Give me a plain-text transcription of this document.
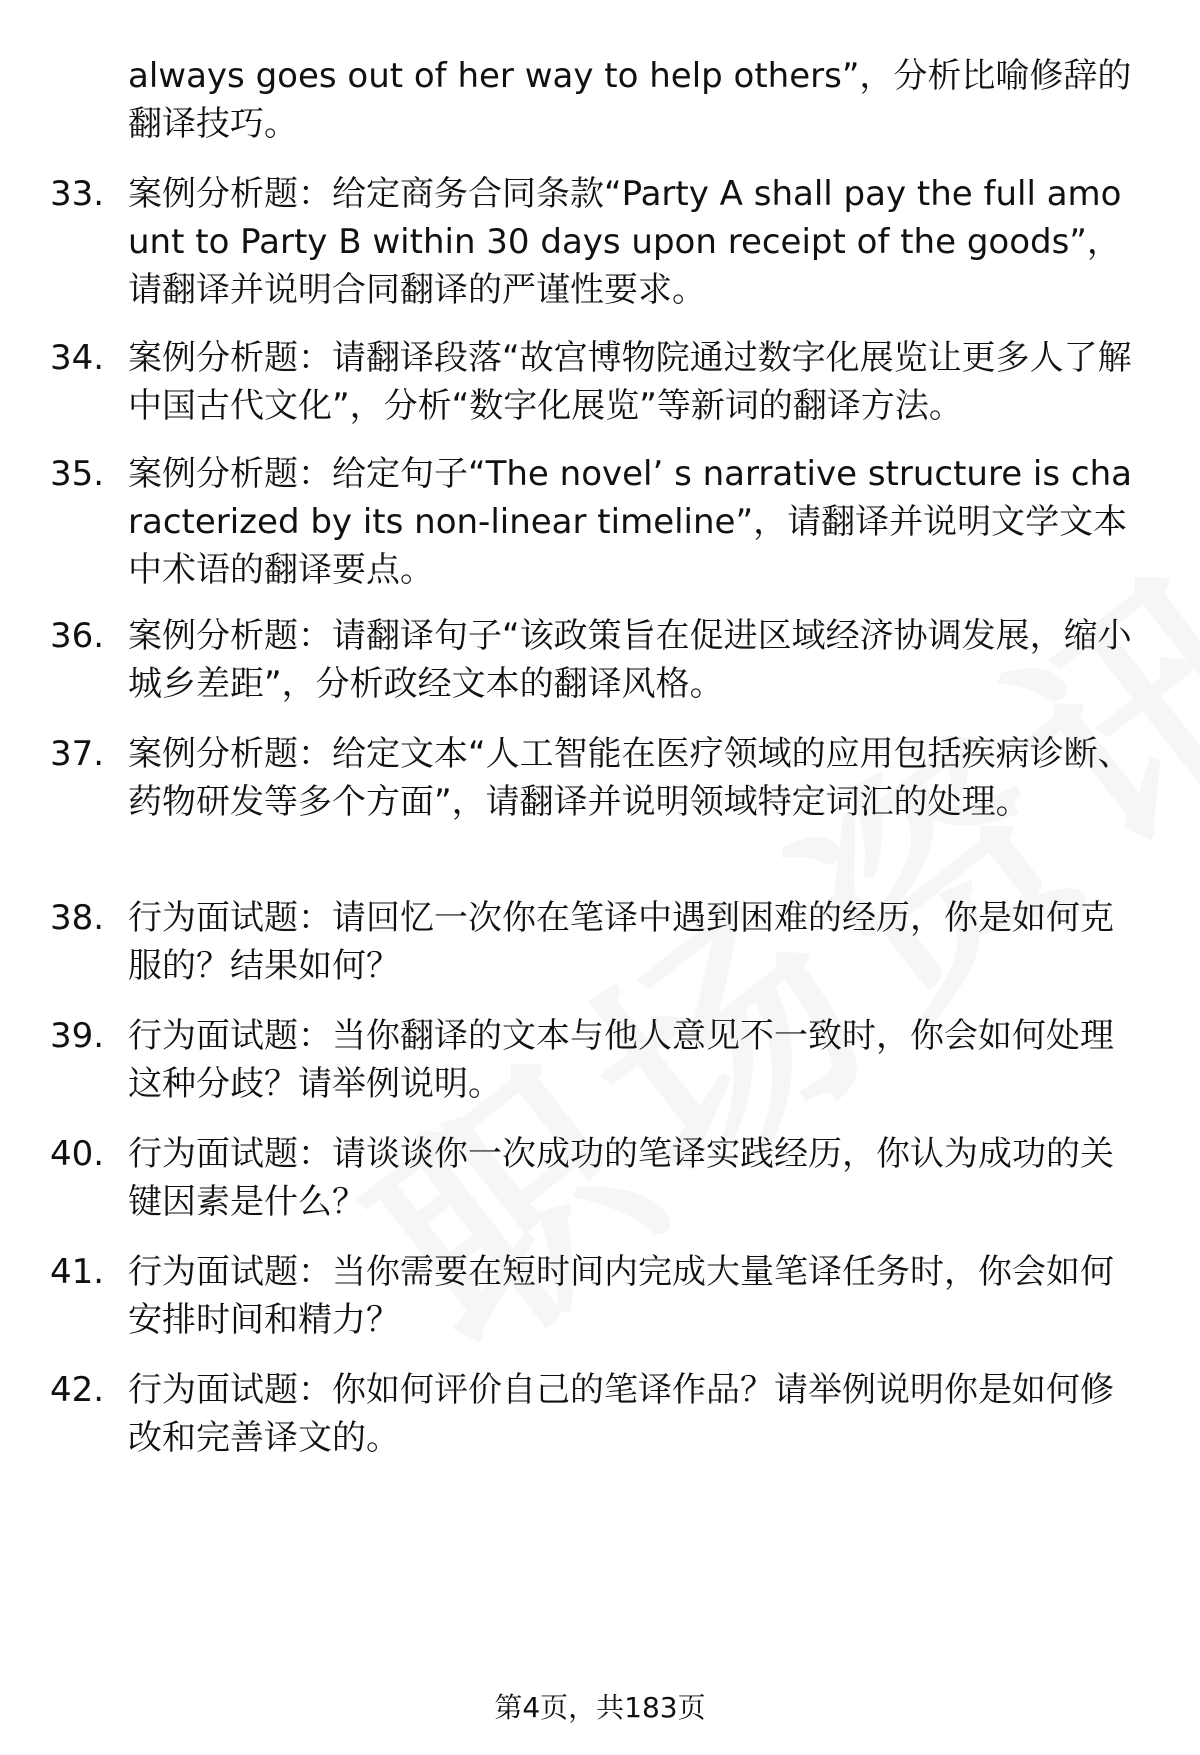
always goes out of her way to help others”，分析比喻修辞的翻译技巧。
33. 案例分析题：给定商务合同条款“Party A shall pay the full amount to Party B within 30 days upon receipt of the goods”，请翻译并说明合同翻译的严谨性要求。
34. 案例分析题：请翻译段落“故宫博物院通过数字化展览让更多人了解中国古代文化”，分析“数字化展览”等新词的翻译方法。
35. 案例分析题：给定句子“The novel’ s narrative structure is characterized by its non-linear timeline”，请翻译并说明文学文本中术语的翻译要点。
36. 案例分析题：请翻译句子“该政策旨在促进区域经济协调发展，缩小城乡差距”，分析政经文本的翻译风格。
37. 案例分析题：给定文本“人工智能在医疗领域的应用包括疾病诊断、药物研发等多个方面”，请翻译并说明领域特定词汇的处理。
38. 行为面试题：请回忆一次你在笔译中遇到困难的经历，你是如何克服的？结果如何？
39. 行为面试题：当你翻译的文本与他人意见不一致时，你会如何处理这种分歧？请举例说明。
40. 行为面试题：请谈谈你一次成功的笔译实践经历，你认为成功的关键因素是什么？
41. 行为面试题：当你需要在短时间内完成大量笔译任务时，你会如何安排时间和精力？
42. 行为面试题：你如何评价自己的笔译作品？请举例说明你是如何修改和完善译文的。
第4页，共183页
